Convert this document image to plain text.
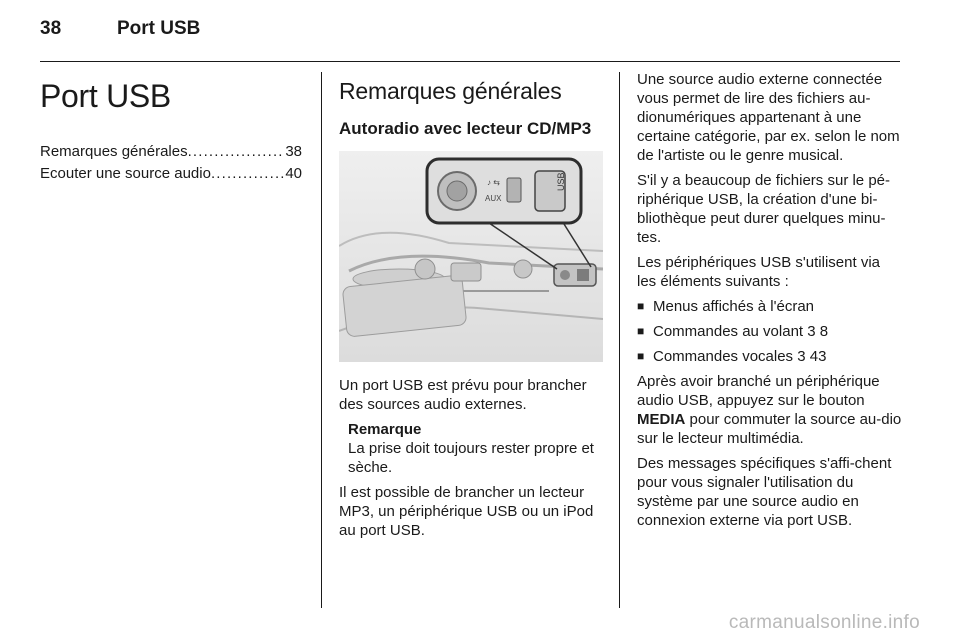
38	Port USB
Port USB
Remarques générales . . .	38
Ecouter une source audio . . .	40
Remarques générales
Autoradio avec lecteur CD/MP3
AUX
♪ ⇆	USB

Un port USB est prévu pour brancher des sources audio externes.

Remarque

La prise doit toujours rester propre et sèche.

Il est possible de brancher un lecteur MP3, un périphérique USB ou un iPod au port USB.

Une source audio externe connectée vous permet de lire des fichiers au-dionumériques appartenant à une certaine catégorie, par ex. selon le nom de l'artiste ou le genre musical.

S'il y a beaucoup de fichiers sur le pé-riphérique USB, la création d'une bi-bliothèque peut durer quelques minu-tes.

Les périphériques USB s'utilisent via les éléments suivants :

■ Menus affichés à l'écran
■ Commandes au volant 3 8
■ Commandes vocales 3 43

Après avoir branché un périphérique audio USB, appuyez sur le bouton MEDIA pour commuter la source au-dio sur le lecteur multimédia.

Des messages spécifiques s'affi-chent pour vous signaler l'utilisation du système par une source audio en connexion externe via port USB.

carmanualsonline.info
